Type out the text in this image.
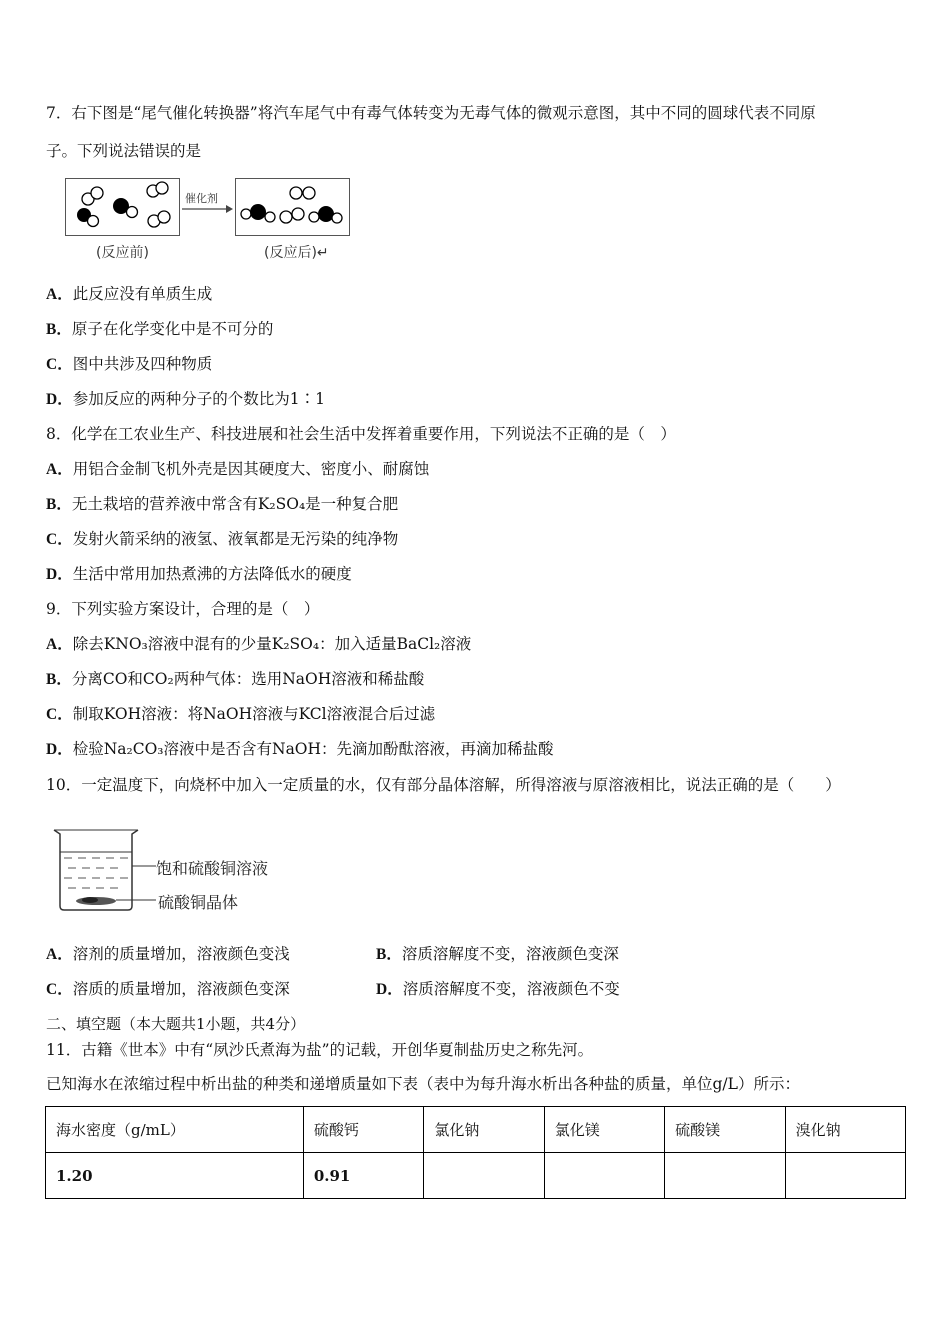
7．右下图是“尾气催化转换器”将汽车尾气中有毒气体转变为无毒气体的微观示意图，其中不同的圆球代表不同原
子。下列说法错误的是
催化剂
(反应前)	(反应后)↵
A．此反应没有单质生成
B．原子在化学变化中是不可分的
C．图中共涉及四种物质
D．参加反应的两种分子的个数比为1∶1
8．化学在工农业生产、科技进展和社会生活中发挥着重要作用，下列说法不正确的是（　）
A．用铝合金制飞机外壳是因其硬度大、密度小、耐腐蚀
B．无土栽培的营养液中常含有K₂SO₄是一种复合肥
C．发射火箭采纳的液氢、液氧都是无污染的纯净物
D．生活中常用加热煮沸的方法降低水的硬度
9．下列实验方案设计，合理的是（　）
A．除去KNO₃溶液中混有的少量K₂SO₄：加入适量BaCl₂溶液
B．分离CO和CO₂两种气体：选用NaOH溶液和稀盐酸
C．制取KOH溶液：将NaOH溶液与KCl溶液混合后过滤
D．检验Na₂CO₃溶液中是否含有NaOH：先滴加酚酞溶液，再滴加稀盐酸
10．一定温度下，向烧杯中加入一定质量的水，仅有部分晶体溶解，所得溶液与原溶液相比，说法正确的是（　　）
饱和硫酸铜溶液
硫酸铜晶体
A．溶剂的质量增加，溶液颜色变浅	B．溶质溶解度不变，溶液颜色变深
C．溶质的质量增加，溶液颜色变深	D．溶质溶解度不变，溶液颜色不变
二、填空题（本大题共1小题，共4分）
11．古籍《世本》中有“夙沙氏煮海为盐”的记载，开创华夏制盐历史之称先河。
已知海水在浓缩过程中析出盐的种类和递增质量如下表（表中为每升海水析出各种盐的质量，单位g/L）所示：
海水密度（g/mL）	硫酸钙	氯化钠	氯化镁	硫酸镁	溴化钠
1.20	0.91				
